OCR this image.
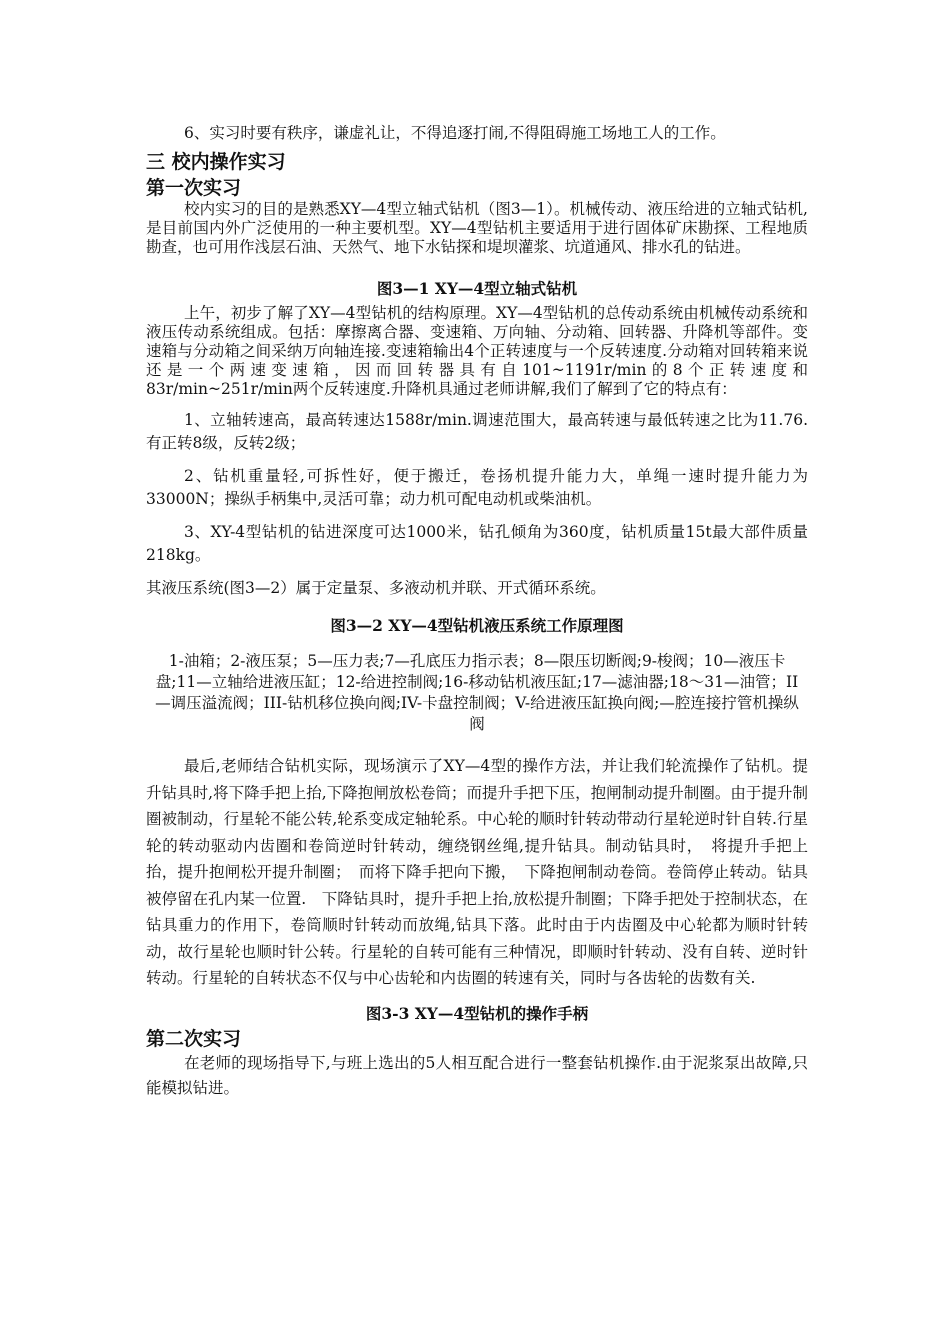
6、实习时要有秩序，谦虚礼让，不得追逐打闹,不得阻碍施工场地工人的工作。

三 校内操作实习
第一次实习

校内实习的目的是熟悉XY—4型立轴式钻机（图3—1）。机械传动、液压给进的立轴式钻机,是目前国内外广泛使用的一种主要机型。XY—4型钻机主要适用于进行固体矿床勘探、工程地质勘查，也可用作浅层石油、天然气、地下水钻探和堤坝灌浆、坑道通风、排水孔的钻进。

图3—1 XY—4型立轴式钻机

上午，初步了解了XY—4型钻机的结构原理。XY—4型钻机的总传动系统由机械传动系统和液压传动系统组成。包括：摩擦离合器、变速箱、万向轴、分动箱、回转器、升降机等部件。变速箱与分动箱之间采纳万向轴连接.变速箱输出4个正转速度与一个反转速度.分动箱对回转箱来说还是一个两速变速箱，因而回转器具有自101~1191r/min的8个正转速度和83r/min~251r/min两个反转速度.升降机具通过老师讲解,我们了解到了它的特点有：

1、立轴转速高，最高转速达1588r/min.调速范围大，最高转速与最低转速之比为11.76.有正转8级，反转2级；

2、钻机重量轻,可拆性好，便于搬迁，卷扬机提升能力大，单绳一速时提升能力为33000N；操纵手柄集中,灵活可靠；动力机可配电动机或柴油机。

3、XY-4型钻机的钻进深度可达1000米，钻孔倾角为360度，钻机质量15t最大部件质量218kg。

其液压系统(图3—2）属于定量泵、多液动机并联、开式循环系统。

图3—2 XY—4型钻机液压系统工作原理图

1-油箱；2-液压泵；5—压力表;7—孔底压力指示表；8—限压切断阀;9-梭阀；10—液压卡盘;11—立轴给进液压缸；12-给进控制阀;16-移动钻机液压缸;17—滤油器;18～31—油管；II—调压溢流阀；III-钻机移位换向阀;IV-卡盘控制阀；V-给进液压缸换向阀;—腔连接拧管机操纵阀

最后,老师结合钻机实际，现场演示了XY—4型的操作方法，并让我们轮流操作了钻机。提升钻具时,将下降手把上抬,下降抱闸放松卷筒；而提升手把下压，抱闸制动提升制圈。由于提升制圈被制动，行星轮不能公转,轮系变成定轴轮系。中心轮的顺时针转动带动行星轮逆时针自转.行星轮的转动驱动内齿圈和卷筒逆时针转动，缠绕钢丝绳,提升钻具。制动钻具时，　将提升手把上抬，提升抱闸松开提升制圈；　而将下降手把向下搬，　下降抱闸制动卷筒。卷筒停止转动。钻具被停留在孔内某一位置.　下降钻具时，提升手把上抬,放松提升制圈；下降手把处于控制状态，在钻具重力的作用下，卷筒顺时针转动而放绳,钻具下落。此时由于内齿圈及中心轮都为顺时针转动，故行星轮也顺时针公转。行星轮的自转可能有三种情况，即顺时针转动、没有自转、逆时针转动。行星轮的自转状态不仅与中心齿轮和内齿圈的转速有关，同时与各齿轮的齿数有关.

图3-3 XY—4型钻机的操作手柄
第二次实习

在老师的现场指导下,与班上选出的5人相互配合进行一整套钻机操作.由于泥浆泵出故障,只能模拟钻进。
